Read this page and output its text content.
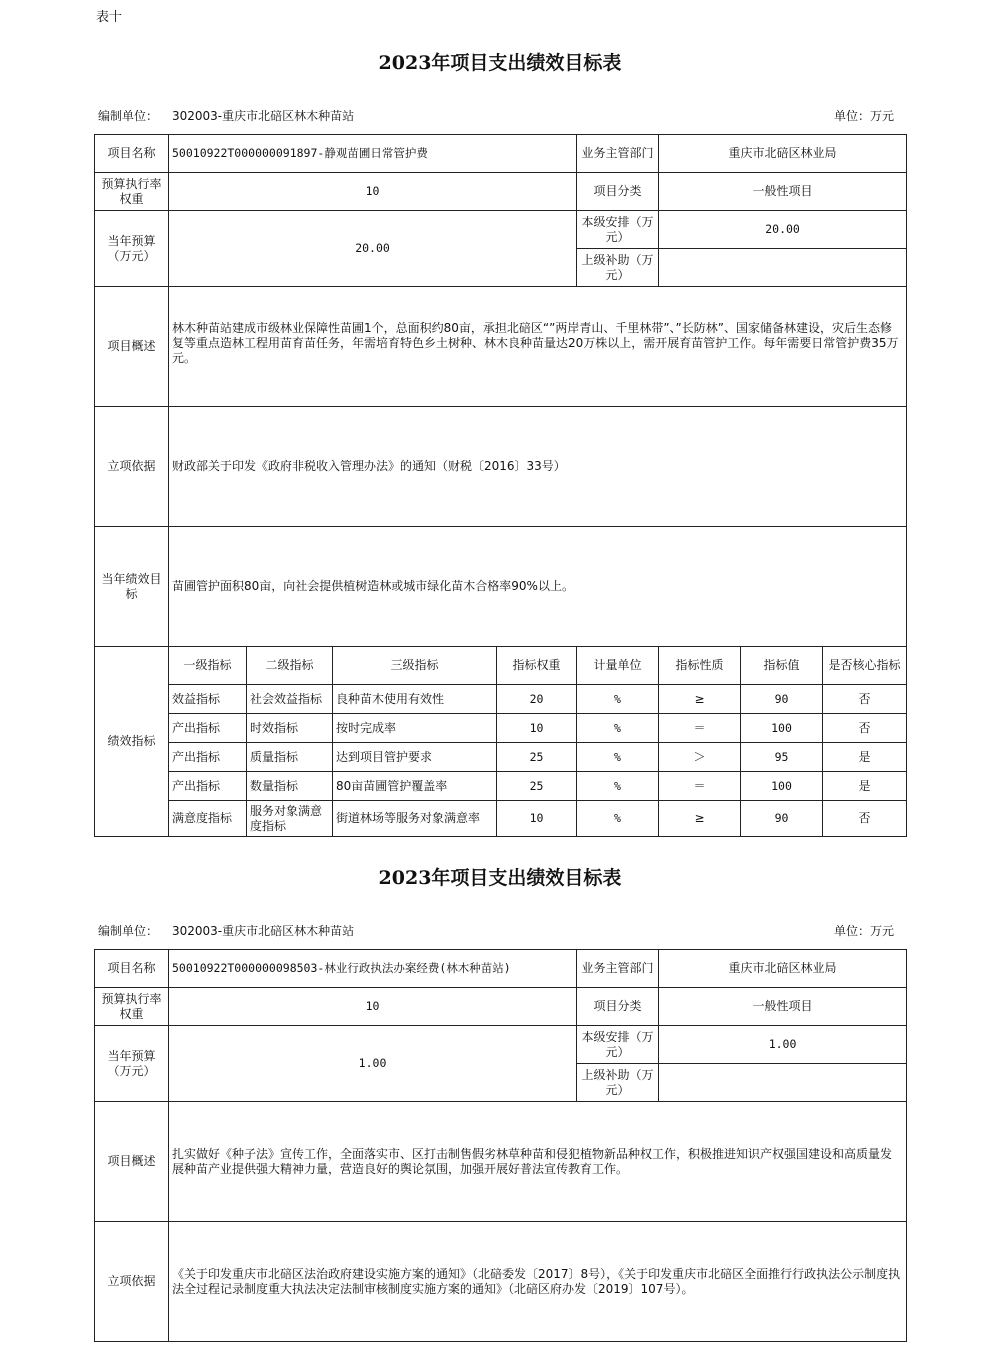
表十
2023年项目支出绩效目标表
编制单位： 302003-重庆市北碚区林木种苗站	单位：万元
项目名称	50010922T000000091897-静观苗圃日常管护费				业务主管部门	重庆市北碚区林业局		
预算执行率权重	10				项目分类	一般性项目		
当年预算（万元）	20.00				本级安排（万元）	20.00		
					上级补助（万元）			
项目概述	林木种苗站建成市级林业保障性苗圃1个，总面积约80亩，承担北碚区“”两岸青山、千里林带”、”长防林”、国家储备林建设，灾后生态修复等重点造林工程用苗育苗任务，年需培育特色乡土树种、林木良种苗量达20万株以上，需开展育苗管护工作。每年需要日常管护费35万元。							
立项依据	财政部关于印发《政府非税收入管理办法》的通知（财税〔2016〕33号）							
当年绩效目标	苗圃管护面积80亩，向社会提供植树造林或城市绿化苗木合格率90%以上。							
绩效指标	一级指标	二级指标	三级指标	指标权重	计量单位	指标性质	指标值	是否核心指标
	效益指标	社会效益指标	良种苗木使用有效性	20	%	≥	90	否
	产出指标	时效指标	按时完成率	10	%	＝	100	否
	产出指标	质量指标	达到项目管护要求	25	%	＞	95	是
	产出指标	数量指标	80亩苗圃管护覆盖率	25	%	＝	100	是
	满意度指标	服务对象满意度指标	街道林场等服务对象满意率	10	%	≥	90	否
2023年项目支出绩效目标表
编制单位： 302003-重庆市北碚区林木种苗站	单位：万元
项目名称	50010922T000000098503-林业行政执法办案经费(林木种苗站)	业务主管部门	重庆市北碚区林业局
预算执行率权重	10	项目分类	一般性项目
当年预算（万元）	1.00	本级安排（万元）	1.00
		上级补助（万元）	
项目概述	扎实做好《种子法》宣传工作，全面落实市、区打击制售假劣林草种苗和侵犯植物新品种权工作，积极推进知识产权强国建设和高质量发展种苗产业提供强大精神力量，营造良好的舆论氛围，加强开展好普法宣传教育工作。		
立项依据	《关于印发重庆市北碚区法治政府建设实施方案的通知》（北碚委发〔2017〕8号），《关于印发重庆市北碚区全面推行行政执法公示制度执法全过程记录制度重大执法决定法制审核制度实施方案的通知》（北碚区府办发〔2019〕107号）。		
